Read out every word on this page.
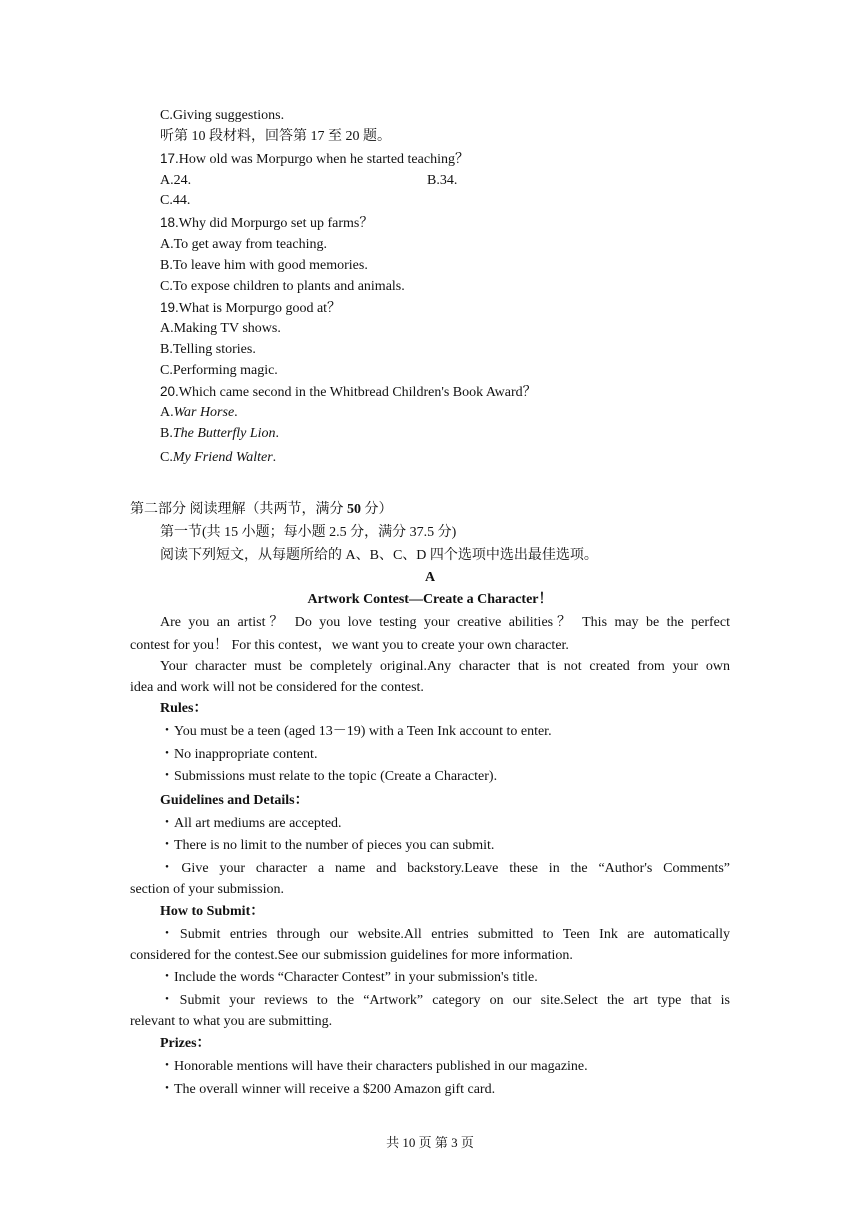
C.Giving suggestions.
听第 10 段材料，回答第 17 至 20 题。
17.How old was Morpurgo when he started teaching？
A.24.	B.34.
C.44.
18.Why did Morpurgo set up farms？
A.To get away from teaching.
B.To leave him with good memories.
C.To expose children to plants and animals.
19.What is Morpurgo good at？
A.Making TV shows.
B.Telling stories.
C.Performing magic.
20.Which came second in the Whitbread Children's Book Award？
A.War Horse.
B.The Butterfly Lion.
C.My Friend Walter.
第二部分 阅读理解（共两节，满分 50 分）
第一节(共 15 小题；每小题 2.5 分，满分 37.5 分)
阅读下列短文，从每题所给的 A、B、C、D 四个选项中选出最佳选项。
A
Artwork Contest—Create a Character！
Are you an artist？ Do you love testing your creative abilities？ This may be the perfect
contest for you！ For this contest，we want you to create your own character.
Your character must be completely original.Any character that is not created from your own
idea and work will not be considered for the contest.
Rules：
・You must be a teen (aged 13－19) with a Teen Ink account to enter.
・No inappropriate content.
・Submissions must relate to the topic (Create a Character).
Guidelines and Details：
・All art mediums are accepted.
・There is no limit to the number of pieces you can submit.
・Give your character a name and backstory.Leave these in the “Author's Comments”
section of your submission.
How to Submit：
・Submit entries through our website.All entries submitted to Teen Ink are automatically
considered for the contest.See our submission guidelines for more information.
・Include the words “Character Contest” in your submission's title.
・Submit your reviews to the “Artwork” category on our site.Select the art type that is
relevant to what you are submitting.
Prizes：
・Honorable mentions will have their characters published in our magazine.
・The overall winner will receive a $200 Amazon gift card.
共 10 页 第 3 页
